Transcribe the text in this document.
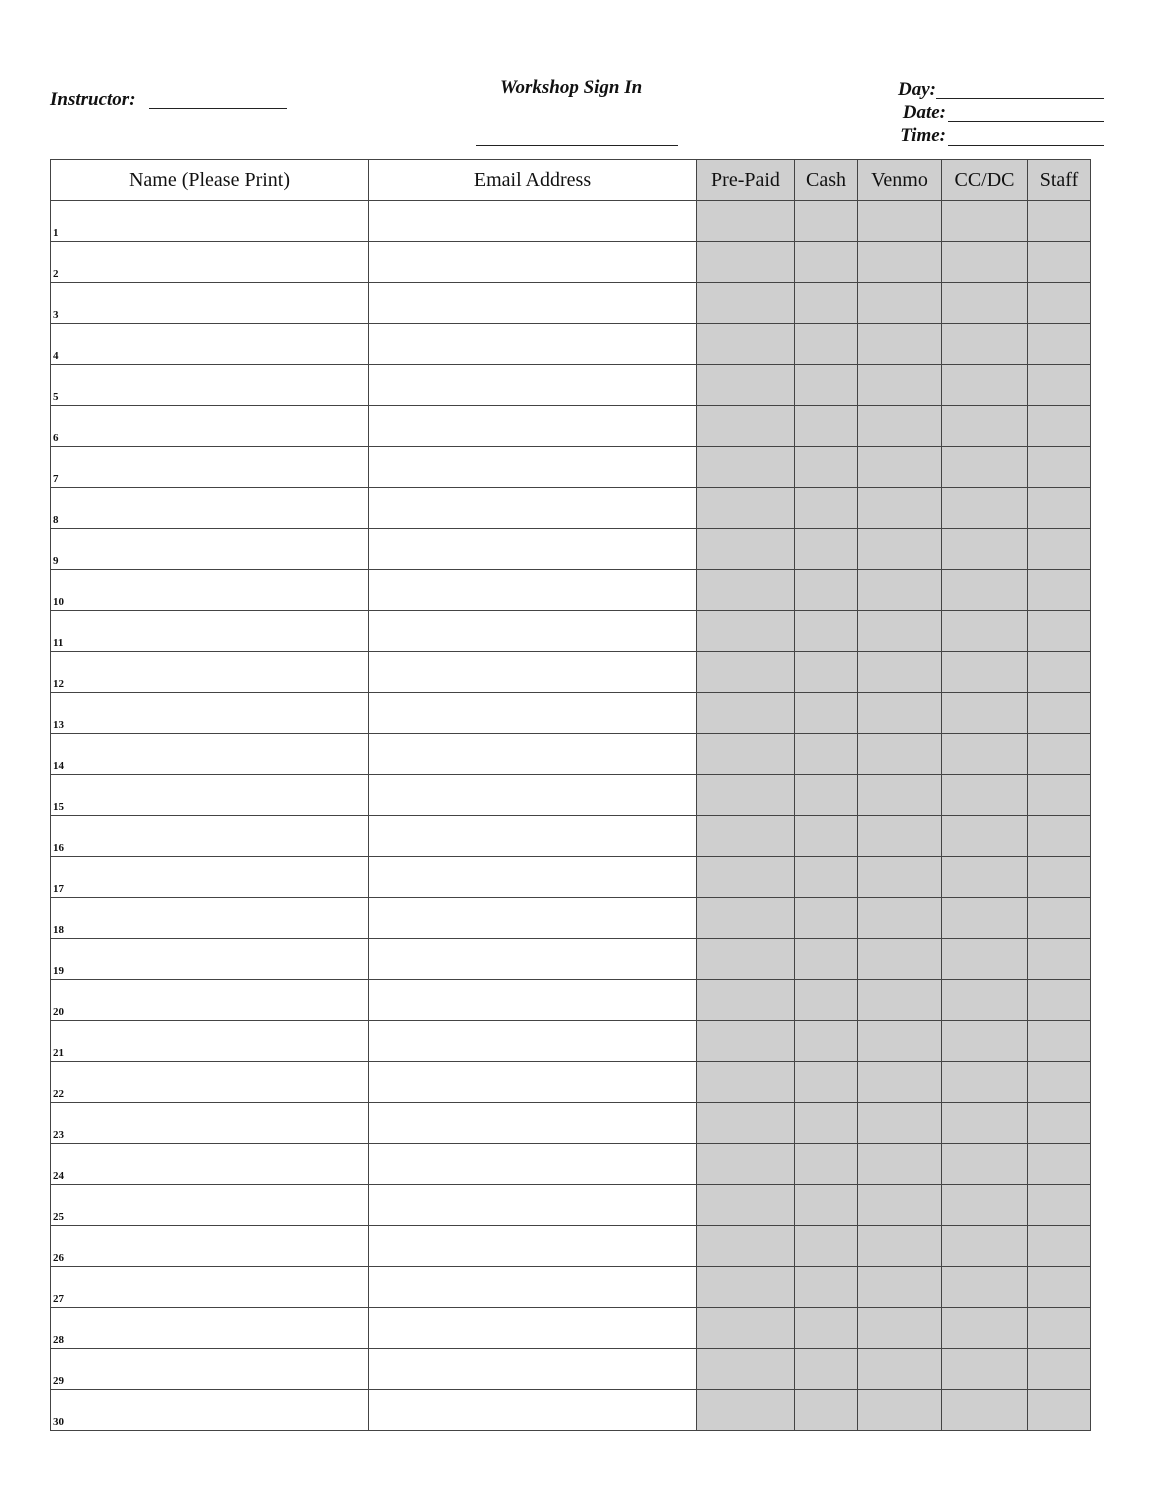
Instructor:
Workshop Sign In	Day:
Date:
Time:
Name (Please Print)	Email Address	Pre-Paid	Cash	Venmo	CC/DC	Staff

1						

2						

3						

4						

5						

6						

7						

8						

9						

10						

11						

12						

13						

14						

15						

16						

17						

18						

19						

20						

21						

22						

23						

24						

25						

26						

27						

28						

29						

30						
